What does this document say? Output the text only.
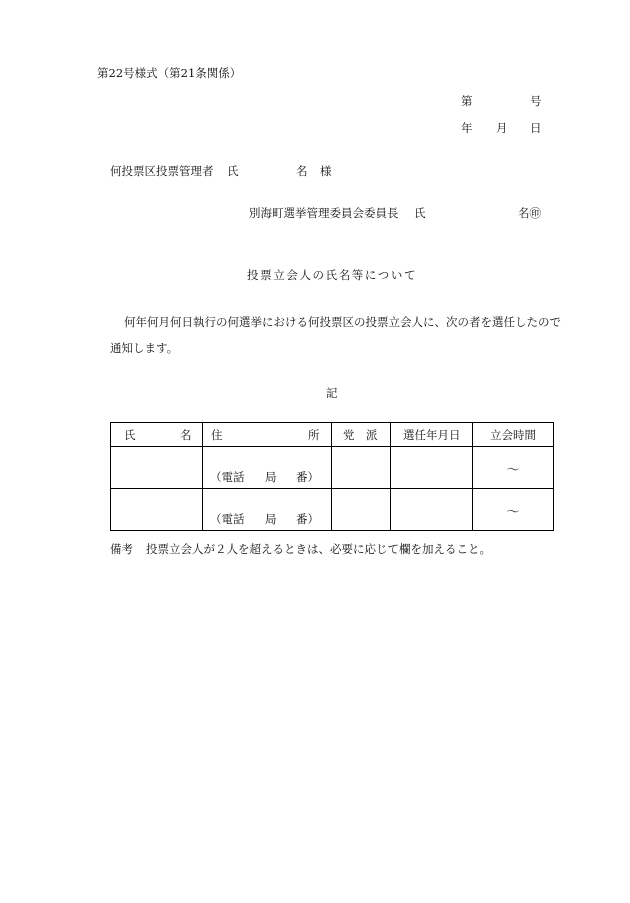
第22号様式（第21条関係）
第	号
年 月 日
何投票区投票管理者 氏	名 様
別海町選挙管理委員会委員長 氏	名㊞
投票立会人の氏名等について
何年何月何日執行の何選挙における何投票区の投票立会人に、次の者を選任したので
通知します。
記
氏 名	住 所	党 派	選任年月日	立会時間

	（電話 局 番）			～

	（電話 局 番）			～
備考 投票立会人が２人を超えるときは、必要に応じて欄を加えること。
